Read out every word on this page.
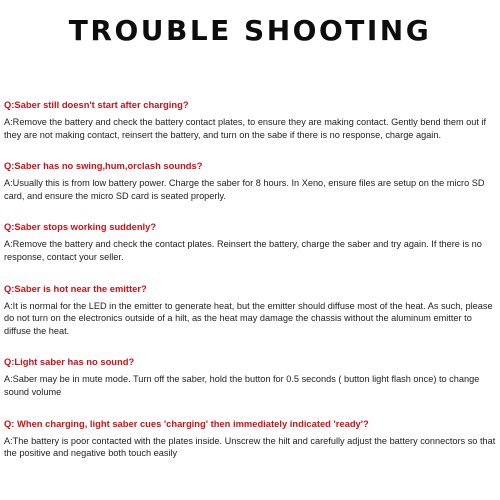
TROUBLE SHOOTING

Q:Saber still doesn't start after charging?

A:Remove the battery and check the battery contact plates, to ensure they are making contact. Gently bend them out if they are not making contact, reinsert the battery, and turn on the sabe if there is no response, charge again.

Q:Saber has no swing,hum,orclash sounds?

A:Usually this is from low battery power. Charge the saber for 8 hours. In Xeno, ensure files are setup on the micro SD card, and ensure the micro SD card is seated properly.

Q:Saber stops working suddenly?

A:Remove the battery and check the contact plates. Reinsert the battery, charge the saber and try again. If there is no response, contact your seller.

Q:Saber is hot near the emitter?

A:It is normal for the LED in the emitter to generate heat, but the emitter should diffuse most of the heat. As such, please do not turn on the electronics outside of a hilt, as the heat may damage the chassis without the aluminum emitter to diffuse the heat.

Q:Light saber has no sound?

A:Saber may be in mute mode. Turn off the saber, hold the button for 0.5 seconds ( button light flash once) to change sound volume

Q: When charging, light saber cues 'charging' then immediately indicated 'ready'?

A:The battery is poor contacted with the plates inside. Unscrew the hilt and carefully adjust the battery connectors so that the positive and negative both touch easily
